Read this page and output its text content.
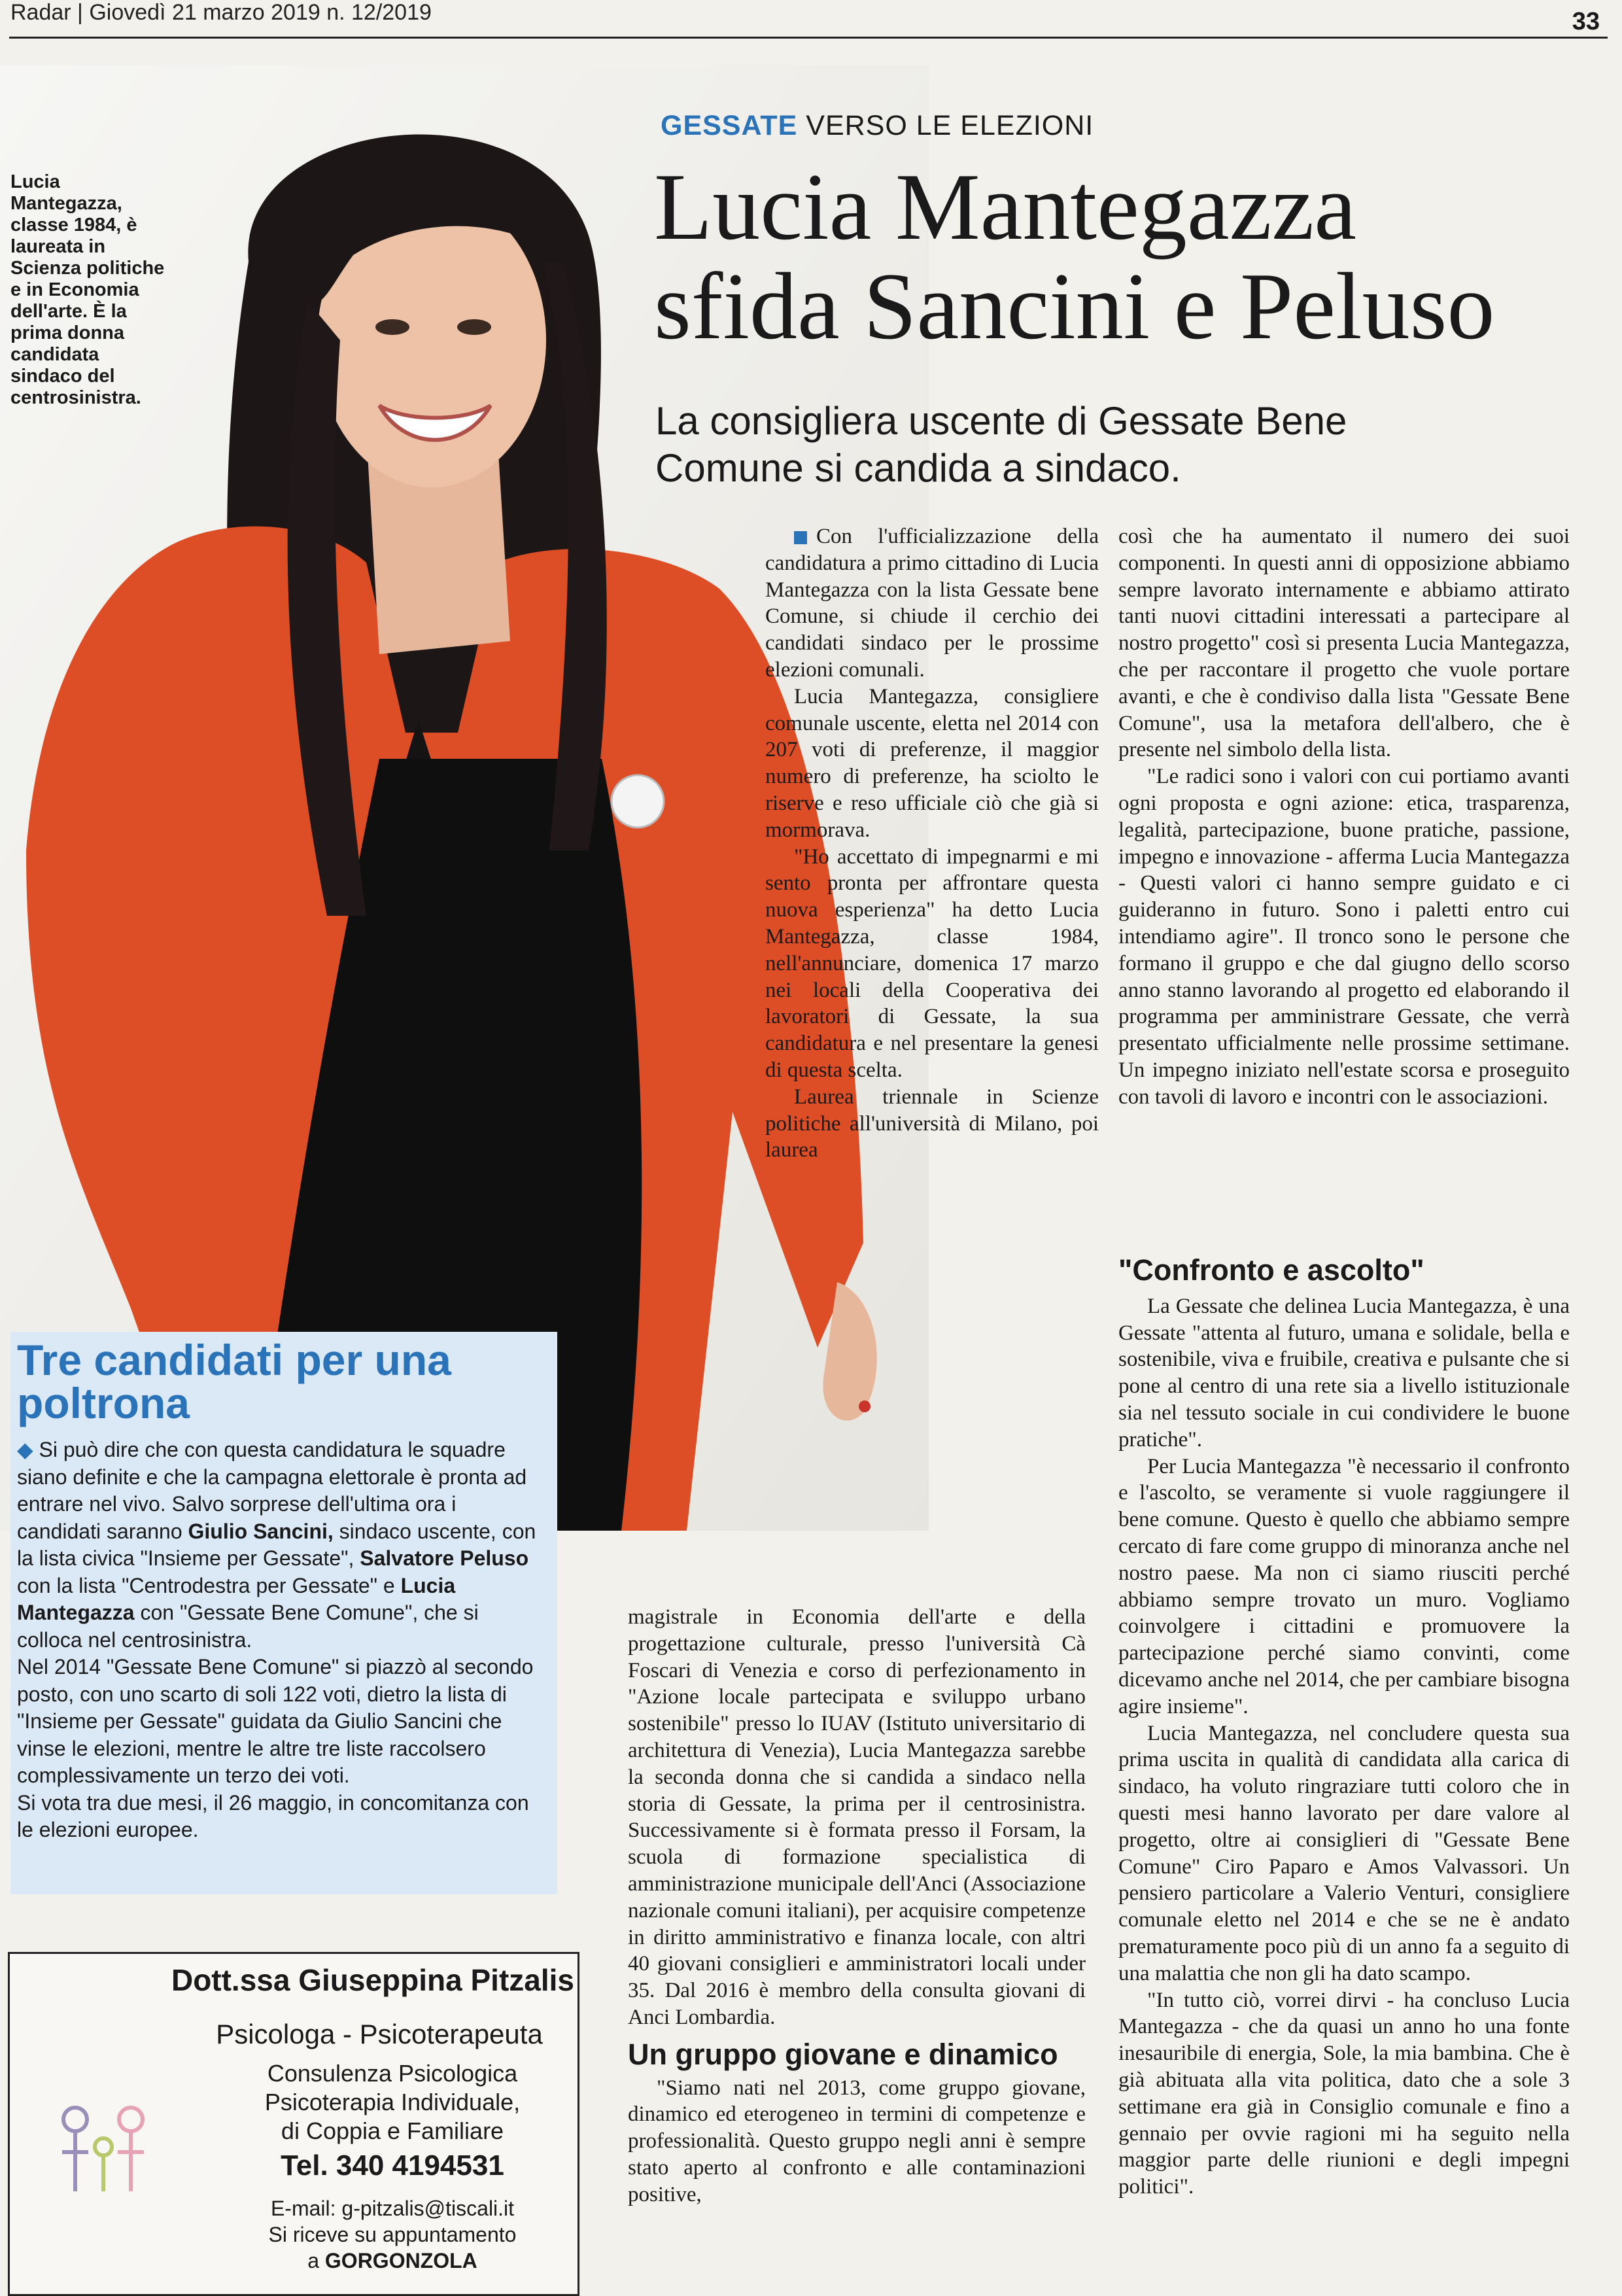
Radar | Giovedì 21 marzo 2019 n. 12/2019	33
Lucia Mantegazza, classe 1984, è laureata in Scienza politiche e in Economia dell'arte. È la prima donna candidata sindaco del centrosinistra.
GESSATE VERSO LE ELEZIONI
Lucia Mantegazza
sfida Sancini e Peluso
La consigliera uscente di Gessate Bene
Comune si candida a sindaco.

Con l'ufficializzazione della candidatura a primo cittadino di Lucia Mantegazza con la lista Gessate bene Comune, si chiude il cerchio dei candidati sindaco per le prossime elezioni comunali.

Lucia Mantegazza, consigliere comunale uscente, eletta nel 2014 con 207 voti di preferenze, il maggior numero di preferenze, ha sciolto le riserve e reso ufficiale ciò che già si mormorava.

"Ho accettato di impegnarmi e mi sento pronta per affrontare questa nuova esperienza" ha detto Lucia Mantegazza, classe 1984, nell'annunciare, domenica 17 marzo nei locali della Cooperativa dei lavoratori di Gessate, la sua candidatura e nel presentare la genesi di questa scelta.

Laurea triennale in Scienze politiche all'università di Milano, poi laurea

magistrale in Economia dell'arte e della progettazione culturale, presso l'università Cà Foscari di Venezia e corso di perfezionamento in "Azione locale partecipata e sviluppo urbano sostenibile" presso lo IUAV (Istituto universitario di architettura di Venezia), Lucia Mantegazza sarebbe la seconda donna che si candida a sindaco nella storia di Gessate, la prima per il centrosinistra. Successivamente si è formata presso il Forsam, la scuola di formazione specialistica di amministrazione municipale dell'Anci (Associazione nazionale comuni italiani), per acquisire competenze in diritto amministrativo e finanza locale, con altri 40 giovani consiglieri e amministratori locali under 35. Dal 2016 è membro della consulta giovani di Anci Lombardia.

Un gruppo giovane e dinamico

"Siamo nati nel 2013, come gruppo giovane, dinamico ed eterogeneo in termini di competenze e professionalità. Questo gruppo negli anni è sempre stato aperto al confronto e alle contaminazioni positive,

così che ha aumentato il numero dei suoi componenti. In questi anni di opposizione abbiamo sempre lavorato internamente e abbiamo attirato tanti nuovi cittadini interessati a partecipare al nostro progetto" così si presenta Lucia Mantegazza, che per raccontare il progetto che vuole portare avanti, e che è condiviso dalla lista "Gessate Bene Comune", usa la metafora dell'albero, che è presente nel simbolo della lista.

"Le radici sono i valori con cui portiamo avanti ogni proposta e ogni azione: etica, trasparenza, legalità, partecipazione, buone pratiche, passione, impegno e innovazione - afferma Lucia Mantegazza - Questi valori ci hanno sempre guidato e ci guideranno in futuro. Sono i paletti entro cui intendiamo agire". Il tronco sono le persone che formano il gruppo e che dal giugno dello scorso anno stanno lavorando al progetto ed elaborando il programma per amministrare Gessate, che verrà presentato ufficialmente nelle prossime settimane. Un impegno iniziato nell'estate scorsa e proseguito con tavoli di lavoro e incontri con le associazioni.

"Confronto e ascolto"

La Gessate che delinea Lucia Mantegazza, è una Gessate "attenta al futuro, umana e solidale, bella e sostenibile, viva e fruibile, creativa e pulsante che si pone al centro di una rete sia a livello istituzionale sia nel tessuto sociale in cui condividere le buone pratiche".

Per Lucia Mantegazza "è necessario il confronto e l'ascolto, se veramente si vuole raggiungere il bene comune. Questo è quello che abbiamo sempre cercato di fare come gruppo di minoranza anche nel nostro paese. Ma non ci siamo riusciti perché abbiamo sempre trovato un muro. Vogliamo coinvolgere i cittadini e promuovere la partecipazione perché siamo convinti, come dicevamo anche nel 2014, che per cambiare bisogna agire insieme".

Lucia Mantegazza, nel concludere questa sua prima uscita in qualità di candidata alla carica di sindaco, ha voluto ringraziare tutti coloro che in questi mesi hanno lavorato per dare valore al progetto, oltre ai consiglieri di "Gessate Bene Comune" Ciro Paparo e Amos Valvassori. Un pensiero particolare a Valerio Venturi, consigliere comunale eletto nel 2014 e che se ne è andato prematuramente poco più di un anno fa a seguito di una malattia che non gli ha dato scampo.

"In tutto ciò, vorrei dirvi - ha concluso Lucia Mantegazza - che da quasi un anno ho una fonte inesauribile di energia, Sole, la mia bambina. Che è già abituata alla vita politica, dato che a sole 3 settimane era già in Consiglio comunale e fino a gennaio per ovvie ragioni mi ha seguito nella maggior parte delle riunioni e degli impegni politici".

Tre candidati per una poltrona
◆ Si può dire che con questa candidatura le squadre siano definite e che la campagna elettorale è pronta ad entrare nel vivo. Salvo sorprese dell'ultima ora i candidati saranno Giulio Sancini, sindaco uscente, con la lista civica "Insieme per Gessate", Salvatore Peluso con la lista "Centrodestra per Gessate" e Lucia Mantegazza con "Gessate Bene Comune", che si colloca nel centrosinistra.
Nel 2014 "Gessate Bene Comune" si piazzò al secondo posto, con uno scarto di soli 122 voti, dietro la lista di "Insieme per Gessate" guidata da Giulio Sancini che vinse le elezioni, mentre le altre tre liste raccolsero complessivamente un terzo dei voti.
Si vota tra due mesi, il 26 maggio, in concomitanza con le elezioni europee.
Dott.ssa Giuseppina Pitzalis
Psicologa - Psicoterapeuta
Consulenza Psicologica
Psicoterapia Individuale,
di Coppia e Familiare
Tel. 340 4194531
E-mail: g-pitzalis@tiscali.it
Si riceve su appuntamento
a GORGONZOLA
